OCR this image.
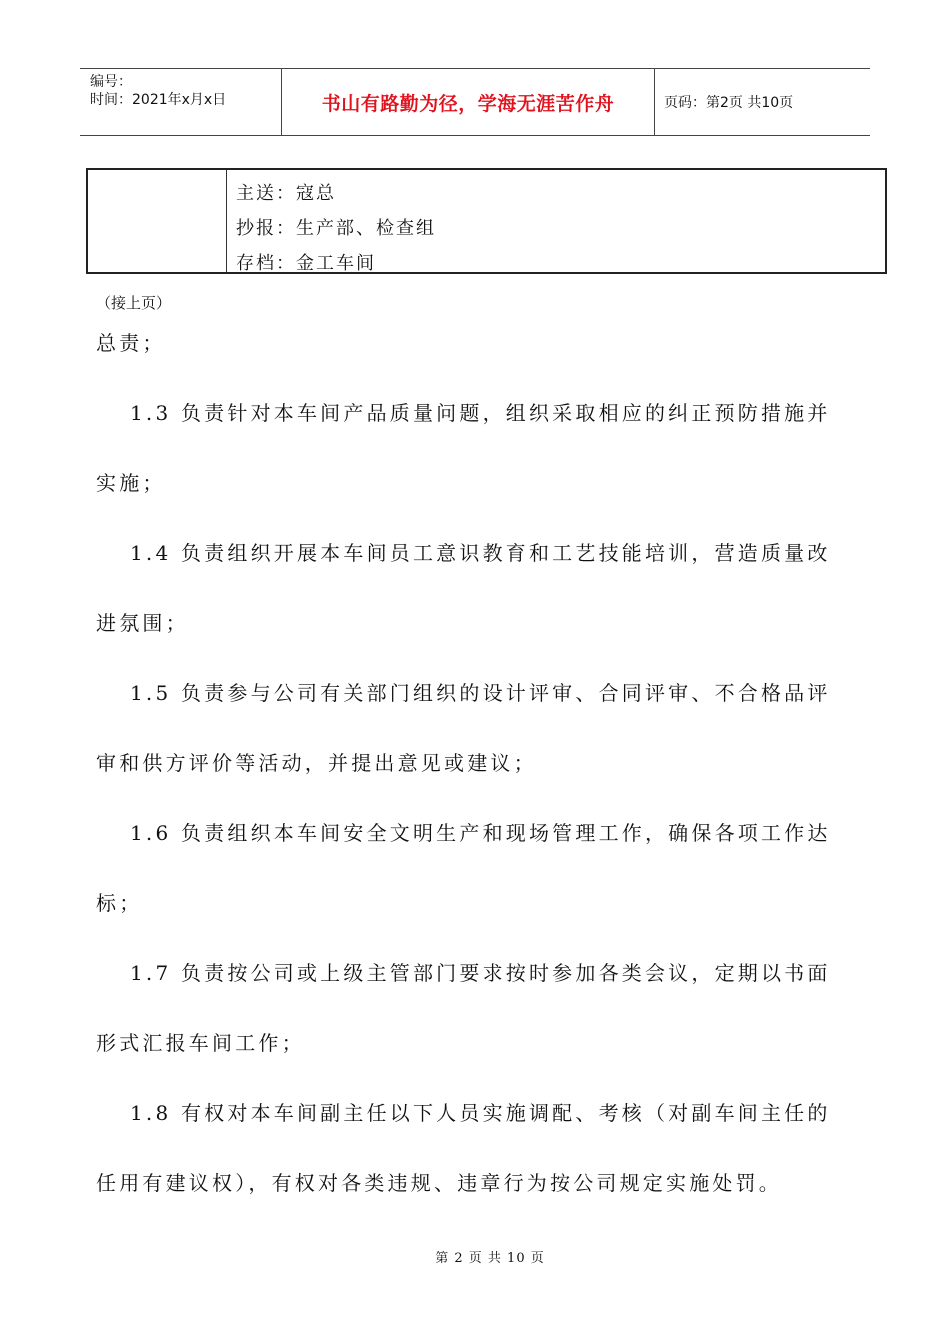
编号：
时间：2021年x月x日	书山有路勤为径，学海无涯苦作舟	页码：第2页 共10页
主送：寇总
抄报：生产部、检查组
存档：金工车间
（接上页）
总责；
1.3 负责针对本车间产品质量问题，组织采取相应的纠正预防措施并
实施；
1.4 负责组织开展本车间员工意识教育和工艺技能培训，营造质量改
进氛围；
1.5 负责参与公司有关部门组织的设计评审、合同评审、不合格品评
审和供方评价等活动，并提出意见或建议；
1.6 负责组织本车间安全文明生产和现场管理工作，确保各项工作达
标；
1.7 负责按公司或上级主管部门要求按时参加各类会议，定期以书面
形式汇报车间工作；
1.8 有权对本车间副主任以下人员实施调配、考核（对副车间主任的
任用有建议权），有权对各类违规、违章行为按公司规定实施处罚。
第 2 页 共 10 页
